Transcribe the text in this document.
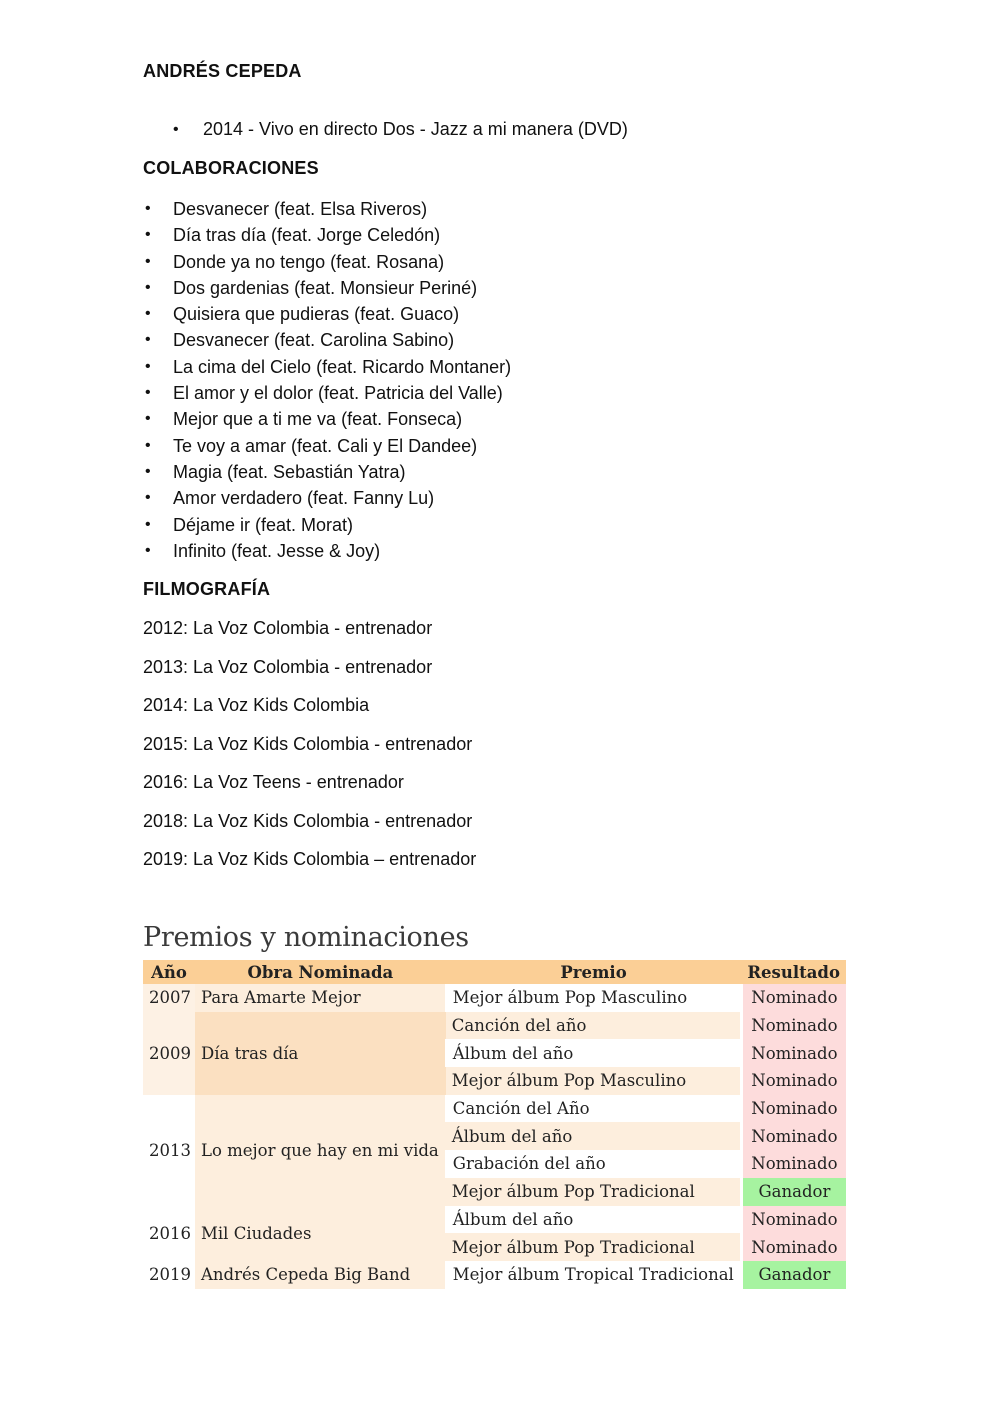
ANDRÉS CEPEDA
• 2014 - Vivo en directo Dos - Jazz a mi manera (DVD)
COLABORACIONES
• Desvanecer (feat. Elsa Riveros)
• Día tras día (feat. Jorge Celedón)
• Donde ya no tengo (feat. Rosana)
• Dos gardenias (feat. Monsieur Periné)
• Quisiera que pudieras (feat. Guaco)
• Desvanecer (feat. Carolina Sabino)
• La cima del Cielo (feat. Ricardo Montaner)
• El amor y el dolor (feat. Patricia del Valle)
• Mejor que a ti me va (feat. Fonseca)
• Te voy a amar (feat. Cali y El Dandee)
• Magia (feat. Sebastián Yatra)
• Amor verdadero (feat. Fanny Lu)
• Déjame ir (feat. Morat)
• Infinito (feat. Jesse & Joy)
FILMOGRAFÍA
2012: La Voz Colombia - entrenador
2013: La Voz Colombia - entrenador
2014: La Voz Kids Colombia
2015: La Voz Kids Colombia - entrenador
2016: La Voz Teens - entrenador
2018: La Voz Kids Colombia - entrenador
2019: La Voz Kids Colombia – entrenador
Premios y nominaciones
Año	Obra Nominada	Premio	Resultado
2007	Para Amarte Mejor	Mejor álbum Pop Masculino	Nominado
2009	Día tras día	Canción del año	Nominado
		Álbum del año	Nominado
		Mejor álbum Pop Masculino	Nominado
2013	Lo mejor que hay en mi vida	Canción del Año	Nominado
		Álbum del año	Nominado
		Grabación del año	Nominado
		Mejor álbum Pop Tradicional	Ganador
2016	Mil Ciudades	Álbum del año	Nominado
		Mejor álbum Pop Tradicional	Nominado
2019	Andrés Cepeda Big Band	Mejor álbum Tropical Tradicional	Ganador
